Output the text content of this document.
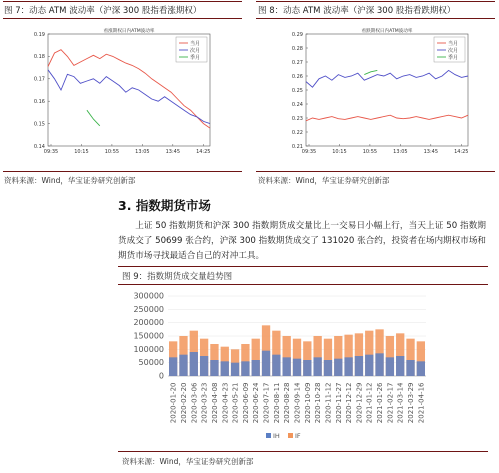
图 7：动态 ATM 波动率（沪深 300 股指看涨期权）
看涨期权日内ATM波动率
0.14
0.15
0.16
0.17
0.18
0.19
09:35	10:15	10:55	13:05	13:45	14:25
当月
次月
季月
资料来源：Wind，华宝证券研究创新部
图 8：动态 ATM 波动率（沪深 300 股指看跌期权）
看跌期权日内ATM波动率
0.21
0.22
0.23
0.24
0.25
0.26
0.27
0.28
0.29
09:35	10:15	10:55	13:05	13:45	14:25
当月
次月
季月
资料来源：Wind，华宝证券研究创新部
3. 指数期货市场
上证 50 指数期货和沪深 300 指数期货成交量比上一交易日小幅上行，当天上证 50 指数期货成交了 50699 张合约，沪深 300 指数期货成交了 131020 张合约，投资者在场内期权市场和期货市场寻找最适合自己的对冲工具。
图 9：指数期货成交量趋势图
0
50000
100000
150000
200000
250000
300000
2020-01-20 2020-02-20 2020-03-06 2020-03-23 2020-04-08 2020-04-23 2020-05-21 2020-06-09 2020-06-24 2020-07-17 2020-08-11 2020-08-28 2020-09-14 2020-10-09 2020-10-28 2020-11-12 2020-11-27 2020-12-12 2020-12-29 2021-01-12 2021-01-26 2021-02-17 2021-03-14 2021-03-29 2021-04-16
IH IF
资料来源：Wind，华宝证券研究创新部
